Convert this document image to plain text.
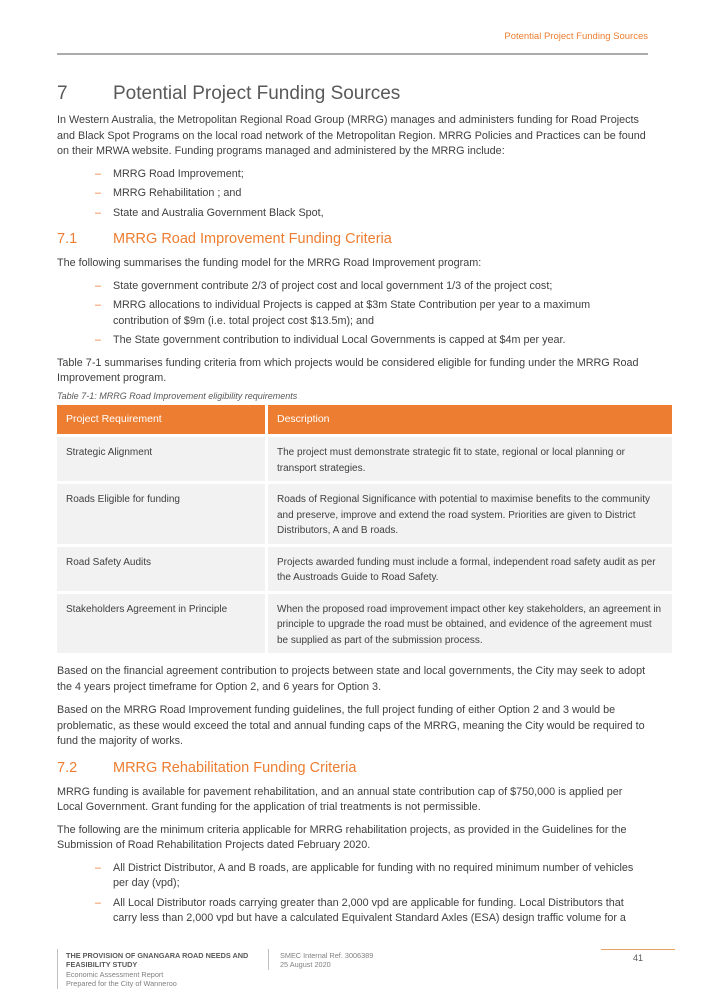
Potential Project Funding Sources
7	Potential Project Funding Sources

In Western Australia, the Metropolitan Regional Road Group (MRRG) manages and administers funding for Road Projects and Black Spot Programs on the local road network of the Metropolitan Region. MRRG Policies and Practices can be found on their MRWA website. Funding programs managed and administered by the MRRG include:

–	MRRG Road Improvement;
–	MRRG Rehabilitation ; and
–	State and Australia Government Black Spot,
7.1	MRRG Road Improvement Funding Criteria

The following summarises the funding model for the MRRG Road Improvement program:

–	State government contribute 2/3 of project cost and local government 1/3 of the project cost;
–	MRRG allocations to individual Projects is capped at $3m State Contribution per year to a maximum contribution of $9m (i.e. total project cost $13.5m); and
–	The State government contribution to individual Local Governments is capped at $4m per year.

Table 7-1 summarises funding criteria from which projects would be considered eligible for funding under the MRRG Road Improvement program.

Table 7-1: MRRG Road Improvement eligibility requirements

Project Requirement	Description
Strategic Alignment	The project must demonstrate strategic fit to state, regional or local planning or transport strategies.
Roads Eligible for funding	Roads of Regional Significance with potential to maximise benefits to the community and preserve, improve and extend the road system. Priorities are given to District Distributors, A and B roads.
Road Safety Audits	Projects awarded funding must include a formal, independent road safety audit as per the Austroads Guide to Road Safety.
Stakeholders Agreement in Principle	When the proposed road improvement impact other key stakeholders, an agreement in principle to upgrade the road must be obtained, and evidence of the agreement must be supplied as part of the submission process.

Based on the financial agreement contribution to projects between state and local governments, the City may seek to adopt the 4 years project timeframe for Option 2, and 6 years for Option 3.

Based on the MRRG Road Improvement funding guidelines, the full project funding of either Option 2 and 3 would be problematic, as these would exceed the total and annual funding caps of the MRRG, meaning the City would be required to fund the majority of works.

7.2	MRRG Rehabilitation Funding Criteria

MRRG funding is available for pavement rehabilitation, and an annual state contribution cap of $750,000 is applied per Local Government. Grant funding for the application of trial treatments is not permissible.

The following are the minimum criteria applicable for MRRG rehabilitation projects, as provided in the Guidelines for the Submission of Road Rehabilitation Projects dated February 2020.

–	All District Distributor, A and B roads, are applicable for funding with no required minimum number of vehicles per day (vpd);
–	All Local Distributor roads carrying greater than 2,000 vpd are applicable for funding. Local Distributors that carry less than 2,000 vpd but have a calculated Equivalent Standard Axles (ESA) design traffic volume for a
THE PROVISION OF GNANGARA ROAD NEEDS AND FEASIBILITY STUDY
Economic Assessment Report
Prepared for the City of Wanneroo
SMEC Internal Ref. 3006389
25 August 2020
41
